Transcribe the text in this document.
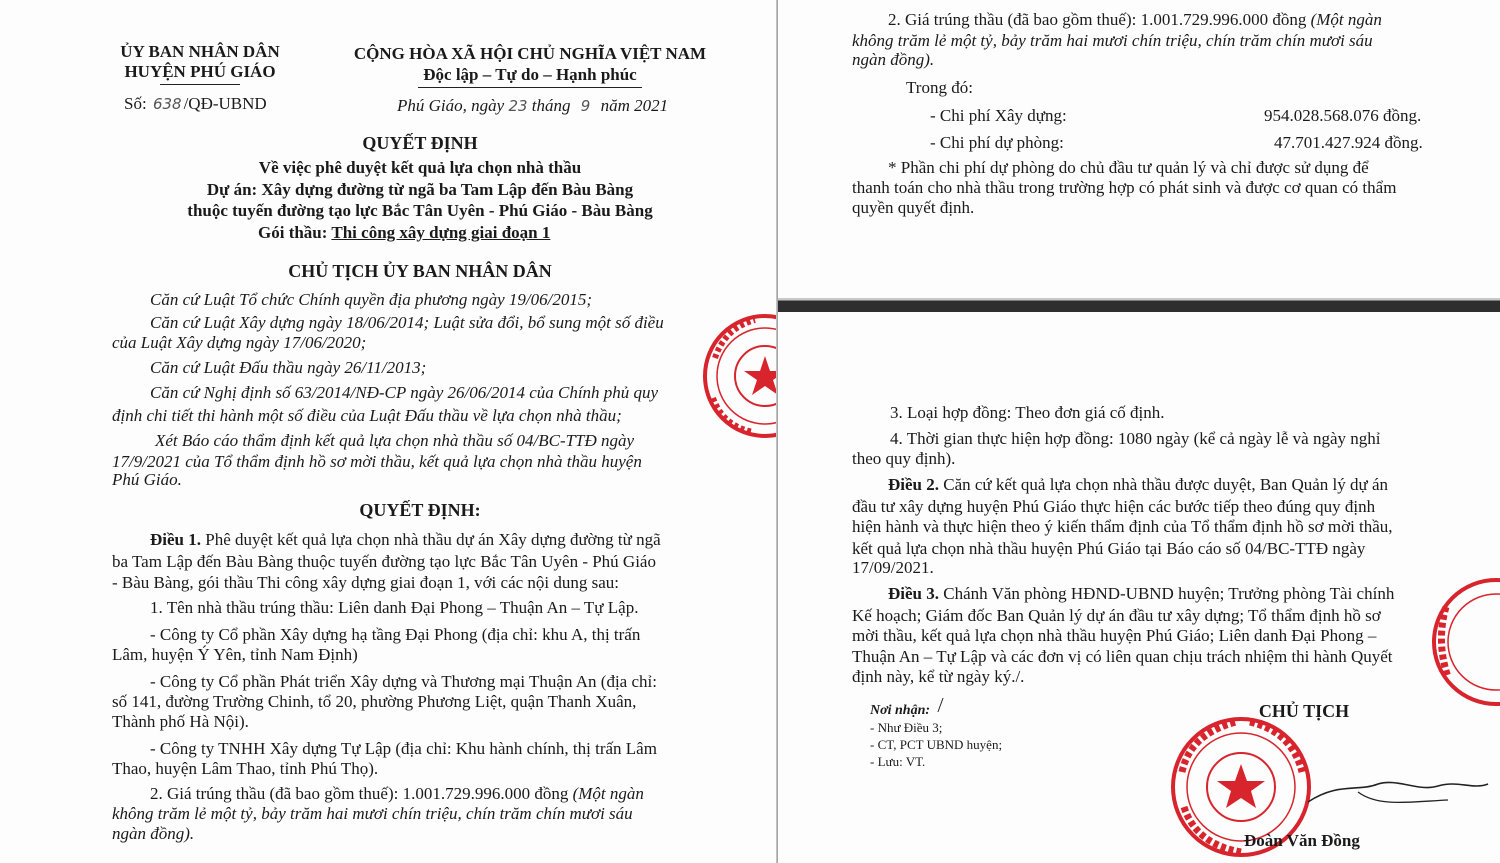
ỦY BAN NHÂN DÂN
HUYỆN PHÚ GIÁO
Số: 638 /QĐ-UBND
CỘNG HÒA XÃ HỘI CHỦ NGHĨA VIỆT NAM
Độc lập – Tự do – Hạnh phúc
Phú Giáo, ngày 23 tháng 9 năm 2021
QUYẾT ĐỊNH
Về việc phê duyệt kết quả lựa chọn nhà thầu
Dự án: Xây dựng đường từ ngã ba Tam Lập đến Bàu Bàng
thuộc tuyến đường tạo lực Bắc Tân Uyên - Phú Giáo - Bàu Bàng
Gói thầu: Thi công xây dựng giai đoạn 1
CHỦ TỊCH ỦY BAN NHÂN DÂN
Căn cứ Luật Tổ chức Chính quyền địa phương ngày 19/06/2015;
Căn cứ Luật Xây dựng ngày 18/06/2014; Luật sửa đổi, bổ sung một số điều
của Luật Xây dựng ngày 17/06/2020;
Căn cứ Luật Đấu thầu ngày 26/11/2013;
Căn cứ Nghị định số 63/2014/NĐ-CP ngày 26/06/2014 của Chính phủ quy
định chi tiết thi hành một số điều của Luật Đấu thầu về lựa chọn nhà thầu;
Xét Báo cáo thẩm định kết quả lựa chọn nhà thầu số 04/BC-TTĐ ngày
17/9/2021 của Tổ thẩm định hồ sơ mời thầu, kết quả lựa chọn nhà thầu huyện
Phú Giáo.
QUYẾT ĐỊNH:
Điều 1. Phê duyệt kết quả lựa chọn nhà thầu dự án Xây dựng đường từ ngã
ba Tam Lập đến Bàu Bàng thuộc tuyến đường tạo lực Bắc Tân Uyên - Phú Giáo
- Bàu Bàng, gói thầu Thi công xây dựng giai đoạn 1, với các nội dung sau:
1. Tên nhà thầu trúng thầu: Liên danh Đại Phong – Thuận An – Tự Lập.
- Công ty Cổ phần Xây dựng hạ tầng Đại Phong (địa chỉ: khu A, thị trấn
Lâm, huyện Ý Yên, tỉnh Nam Định)
- Công ty Cổ phần Phát triển Xây dựng và Thương mại Thuận An (địa chỉ:
số 141, đường Trường Chinh, tổ 20, phường Phương Liệt, quận Thanh Xuân,
Thành phố Hà Nội).
- Công ty TNHH Xây dựng Tự Lập (địa chỉ: Khu hành chính, thị trấn Lâm
Thao, huyện Lâm Thao, tỉnh Phú Thọ).
2. Giá trúng thầu (đã bao gồm thuế): 1.001.729.996.000 đồng (Một ngàn
không trăm lẻ một tỷ, bảy trăm hai mươi chín triệu, chín trăm chín mươi sáu
ngàn đồng).
2. Giá trúng thầu (đã bao gồm thuế): 1.001.729.996.000 đồng (Một ngàn
không trăm lẻ một tỷ, bảy trăm hai mươi chín triệu, chín trăm chín mươi sáu
ngàn đồng).
Trong đó:
- Chi phí Xây dựng:	954.028.568.076 đồng.
- Chi phí dự phòng:	47.701.427.924 đồng.
* Phần chi phí dự phòng do chủ đầu tư quản lý và chỉ được sử dụng để
thanh toán cho nhà thầu trong trường hợp có phát sinh và được cơ quan có thẩm
quyền quyết định.
3. Loại hợp đồng: Theo đơn giá cố định.
4. Thời gian thực hiện hợp đồng: 1080 ngày (kể cả ngày lễ và ngày nghỉ
theo quy định).
Điều 2. Căn cứ kết quả lựa chọn nhà thầu được duyệt, Ban Quản lý dự án
đầu tư xây dựng huyện Phú Giáo thực hiện các bước tiếp theo đúng quy định
hiện hành và thực hiện theo ý kiến thẩm định của Tổ thẩm định hồ sơ mời thầu,
kết quả lựa chọn nhà thầu huyện Phú Giáo tại Báo cáo số 04/BC-TTĐ ngày
17/09/2021.
Điều 3. Chánh Văn phòng HĐND-UBND huyện; Trưởng phòng Tài chính
Kế hoạch; Giám đốc Ban Quản lý dự án đầu tư xây dựng; Tổ thẩm định hồ sơ
mời thầu, kết quả lựa chọn nhà thầu huyện Phú Giáo; Liên danh Đại Phong –
Thuận An – Tự Lập và các đơn vị có liên quan chịu trách nhiệm thi hành Quyết
định này, kể từ ngày ký./.
Nơi nhận:
- Như Điều 3;
- CT, PCT UBND huyện;
- Lưu: VT.
CHỦ TỊCH
Đoàn Văn Đồng
